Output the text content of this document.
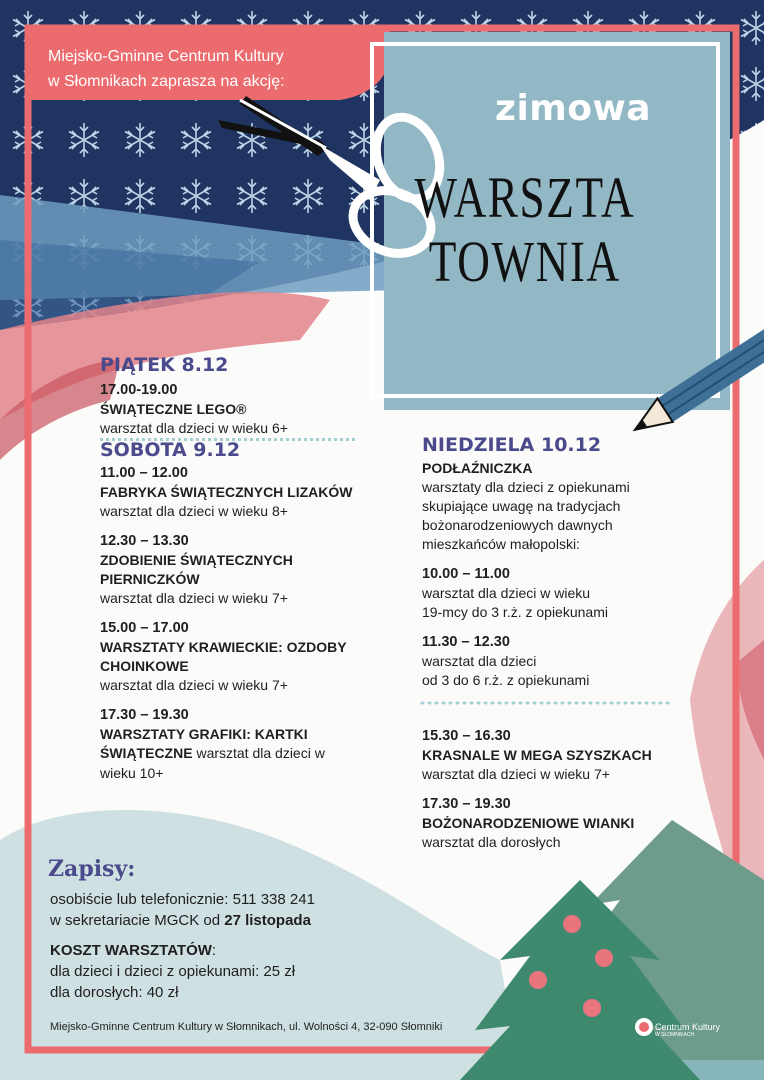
Miejsko-Gminne Centrum Kultury
w Słomnikach zaprasza na akcję:
zimowa
WARSZTA
TOWNIA
PIĄTEK 8.12
17.00-19.00
ŚWIĄTECZNE LEGO®
warsztat dla dzieci w wieku 6+
SOBOTA 9.12
11.00 – 12.00
FABRYKA ŚWIĄTECZNYCH LIZAKÓW
warsztat dla dzieci w wieku 8+
12.30 – 13.30
ZDOBIENIE ŚWIĄTECZNYCH
PIERNICZKÓW
warsztat dla dzieci w wieku 7+
15.00 – 17.00
WARSZTATY KRAWIECKIE: OZDOBY
CHOINKOWE
warsztat dla dzieci w wieku 7+
17.30 – 19.30
WARSZTATY GRAFIKI: KARTKI
ŚWIĄTECZNE warsztat dla dzieci w
wieku 10+
NIEDZIELA 10.12
PODŁAŹNICZKA
warsztaty dla dzieci z opiekunami
skupiające uwagę na tradycjach
bożonarodzeniowych dawnych
mieszkańców małopolski:
10.00 – 11.00
warsztat dla dzieci w wieku
19-mcy do 3 r.ż. z opiekunami
11.30 – 12.30
warsztat dla dzieci
od 3 do 6 r.ż. z opiekunami
15.30 – 16.30
KRASNALE W MEGA SZYSZKACH
warsztat dla dzieci w wieku 7+
17.30 – 19.30
BOŻONARODZENIOWE WIANKI
warsztat dla dorosłych
Zapisy:
osobiście lub telefonicznie: 511 338 241
w sekretariacie MGCK od 27 listopada
KOSZT WARSZTATÓW:
dla dzieci i dzieci z opiekunami: 25 zł
dla dorosłych: 40 zł
Miejsko-Gminne Centrum Kultury w Słomnikach, ul. Wolności 4, 32-090 Słomniki	Centrum Kultury
W SŁOMNIKACH
